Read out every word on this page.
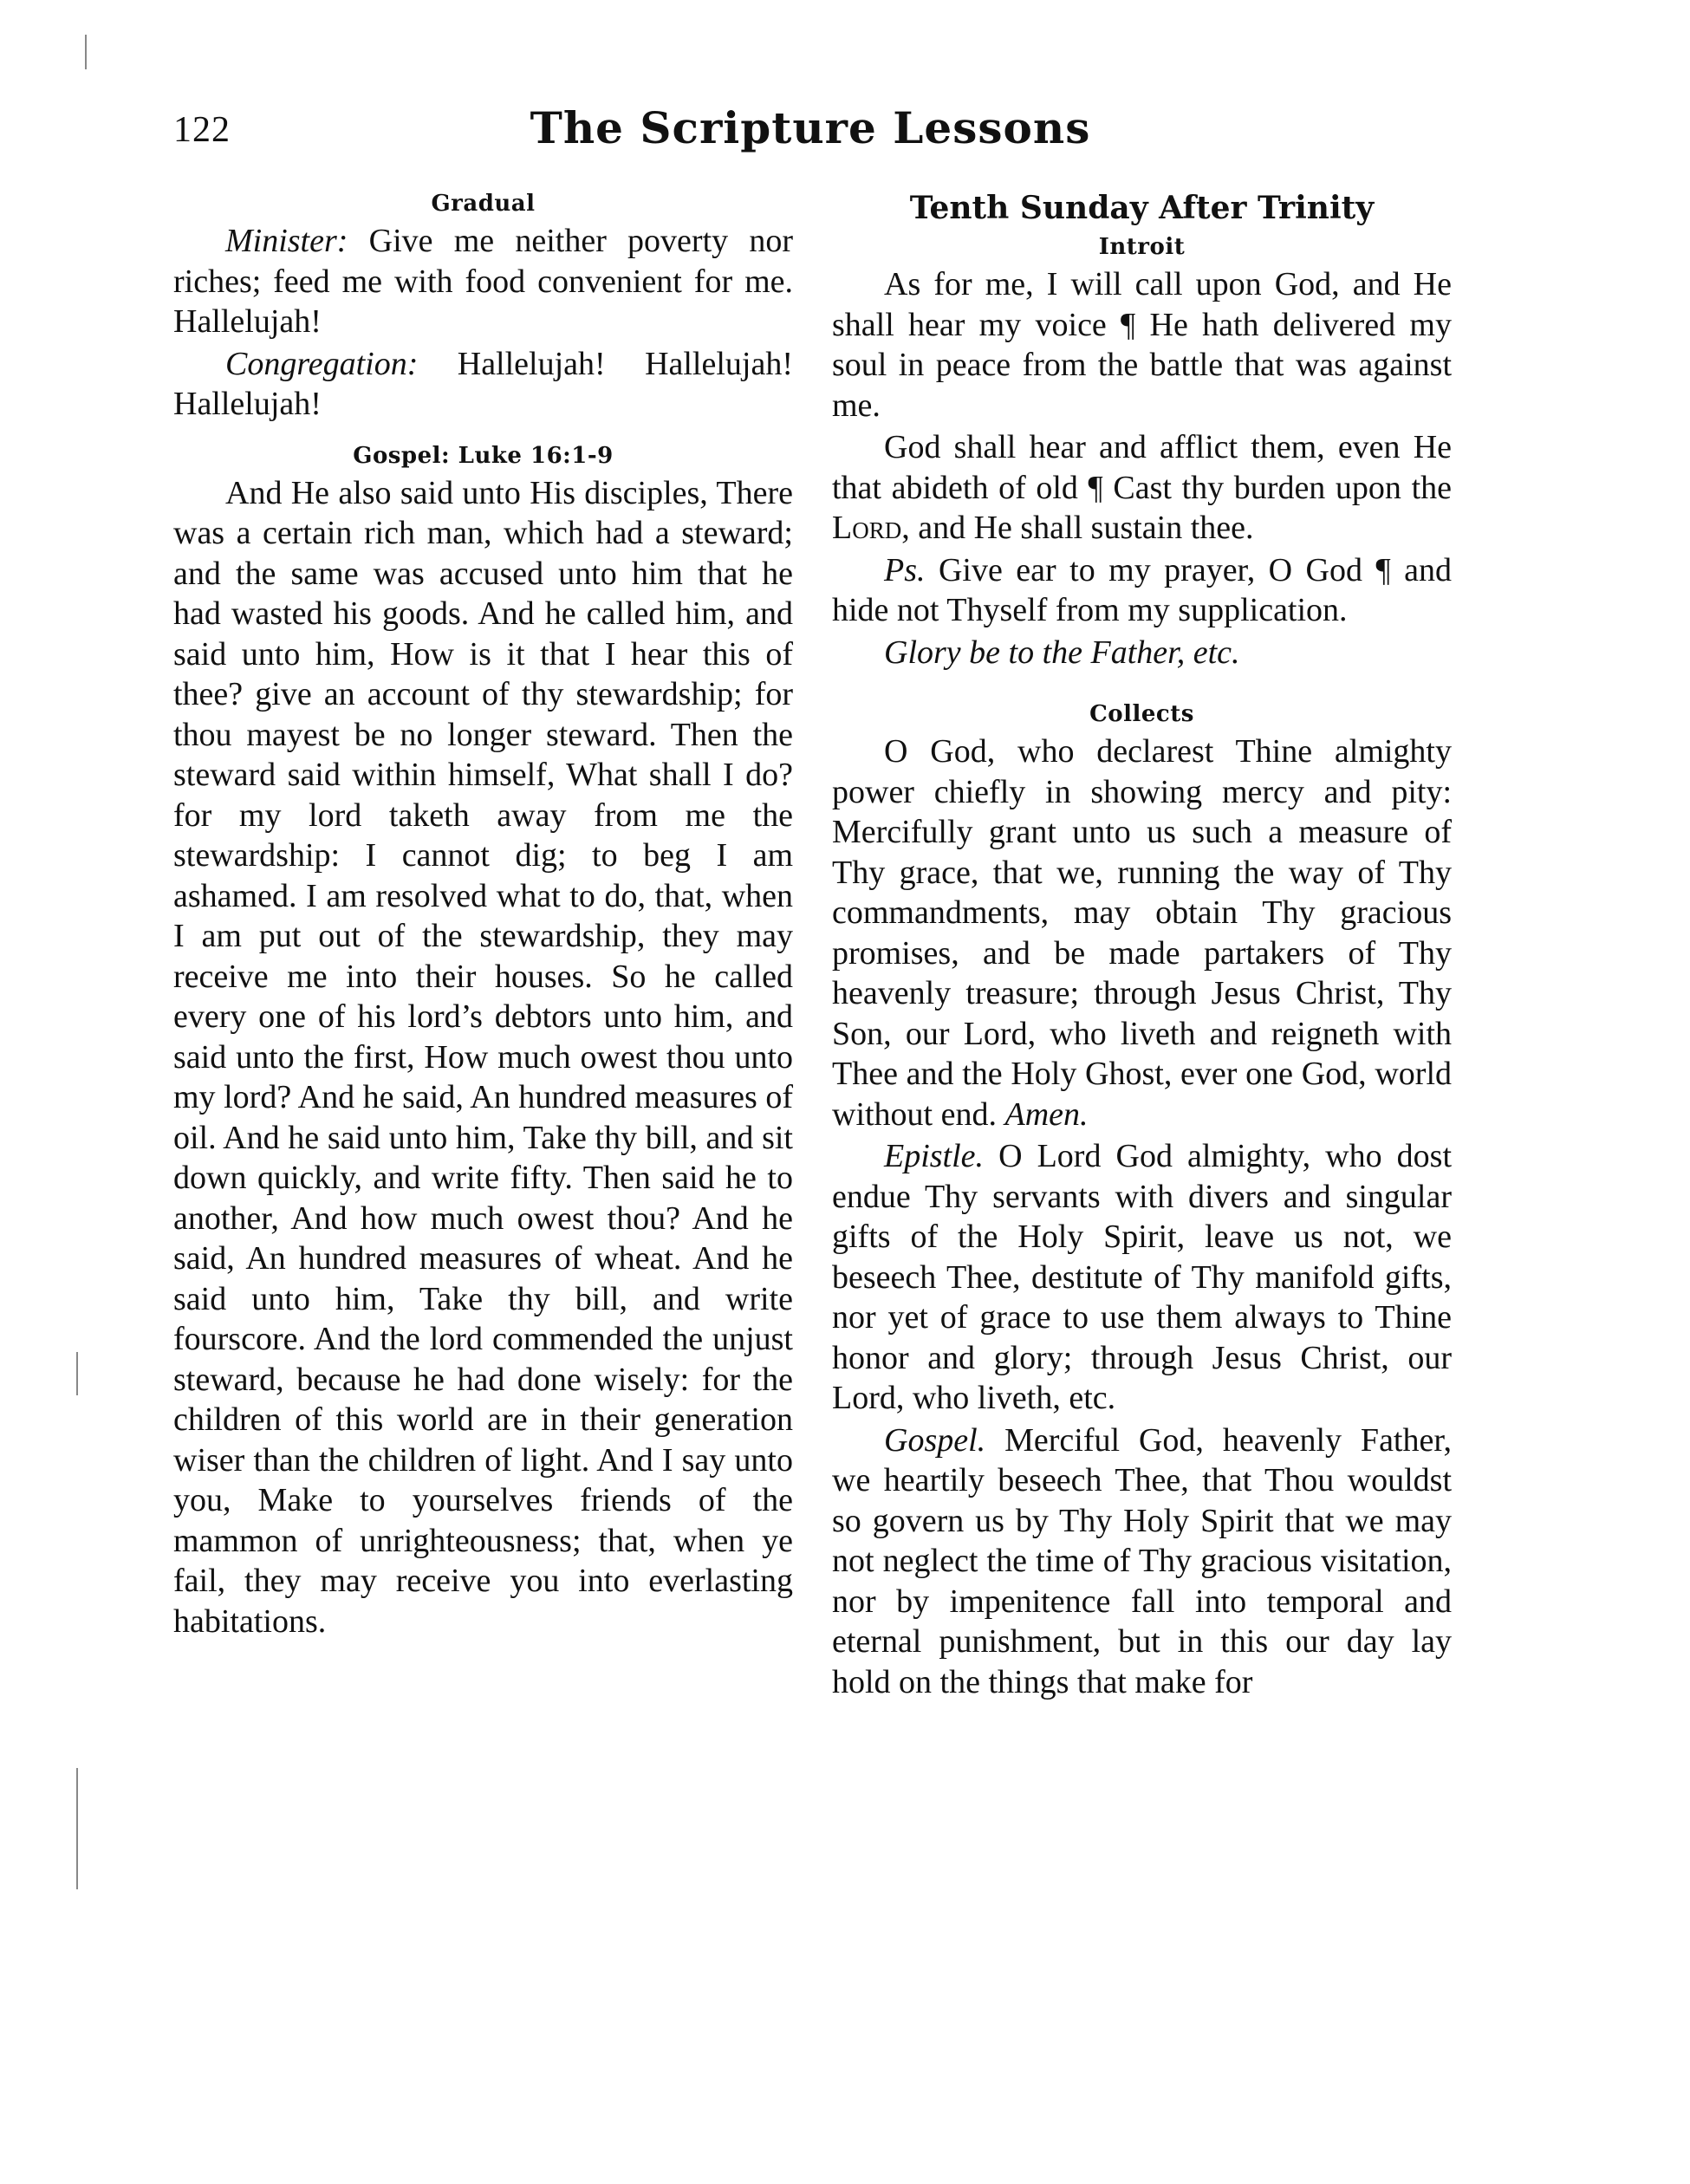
122	The Scripture Lessons
Gradual

Minister: Give me neither poverty nor riches; feed me with food convenient for me. Hallelujah!

Congregation: Hallelujah! Hallelujah! Hallelujah!

Gospel: Luke 16:1-9

And He also said unto His disciples, There was a certain rich man, which had a steward; and the same was accused unto him that he had wasted his goods. And he called him, and said unto him, How is it that I hear this of thee? give an account of thy stewardship; for thou mayest be no longer steward. Then the steward said within himself, What shall I do? for my lord taketh away from me the stewardship: I cannot dig; to beg I am ashamed. I am resolved what to do, that, when I am put out of the stewardship, they may receive me into their houses. So he called every one of his lord’s debtors unto him, and said unto the first, How much owest thou unto my lord? And he said, An hundred measures of oil. And he said unto him, Take thy bill, and sit down quickly, and write fifty. Then said he to another, And how much owest thou? And he said, An hundred measures of wheat. And he said unto him, Take thy bill, and write fourscore. And the lord commended the unjust steward, because he had done wisely: for the children of this world are in their generation wiser than the children of light. And I say unto you, Make to yourselves friends of the mammon of unrighteousness; that, when ye fail, they may receive you into everlasting habitations.

Tenth Sunday After Trinity
Introit

As for me, I will call upon God, and He shall hear my voice ¶ He hath delivered my soul in peace from the battle that was against me.

God shall hear and afflict them, even He that abideth of old ¶ Cast thy burden upon the Lord, and He shall sustain thee.

Ps. Give ear to my prayer, O God ¶ and hide not Thyself from my supplication.

Glory be to the Father, etc.

Collects

O God, who declarest Thine almighty power chiefly in showing mercy and pity: Mercifully grant unto us such a measure of Thy grace, that we, running the way of Thy commandments, may obtain Thy gracious promises, and be made partakers of Thy heavenly treasure; through Jesus Christ, Thy Son, our Lord, who liveth and reigneth with Thee and the Holy Ghost, ever one God, world without end. Amen.

Epistle. O Lord God almighty, who dost endue Thy servants with divers and singular gifts of the Holy Spirit, leave us not, we beseech Thee, destitute of Thy manifold gifts, nor yet of grace to use them always to Thine honor and glory; through Jesus Christ, our Lord, who liveth, etc.

Gospel. Merciful God, heavenly Father, we heartily beseech Thee, that Thou wouldst so govern us by Thy Holy Spirit that we may not neglect the time of Thy gracious visitation, nor by impenitence fall into temporal and eternal punishment, but in this our day lay hold on the things that make for
